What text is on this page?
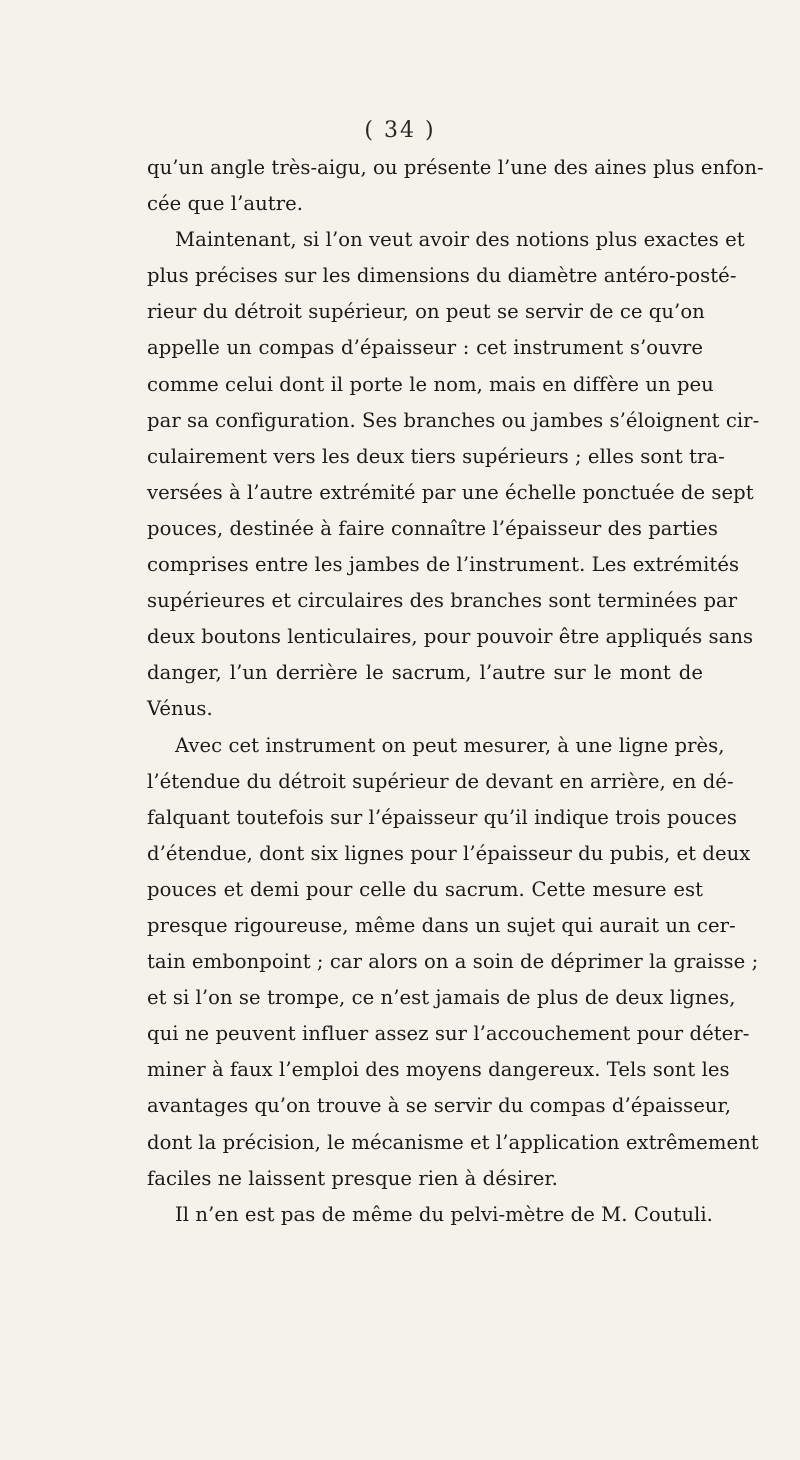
( 34 )
qu’un angle très-aigu, ou présente l’une des aines plus enfon-
cée que l’autre.
Maintenant, si l’on veut avoir des notions plus exactes et
plus précises sur les dimensions du diamètre antéro-posté-
rieur du détroit supérieur, on peut se servir de ce qu’on
appelle un compas d’épaisseur : cet instrument s’ouvre
comme celui dont il porte le nom, mais en diffère un peu
par sa configuration. Ses branches ou jambes s’éloignent cir-
culairement vers les deux tiers supérieurs ; elles sont tra-
versées à l’autre extrémité par une échelle ponctuée de sept
pouces, destinée à faire connaître l’épaisseur des parties
comprises entre les jambes de l’instrument. Les extrémités
supérieures et circulaires des branches sont terminées par
deux boutons lenticulaires, pour pouvoir être appliqués sans
danger, l’un derrière le sacrum, l’autre sur le mont de
Vénus.
Avec cet instrument on peut mesurer, à une ligne près,
l’étendue du détroit supérieur de devant en arrière, en dé-
falquant toutefois sur l’épaisseur qu’il indique trois pouces
d’étendue, dont six lignes pour l’épaisseur du pubis, et deux
pouces et demi pour celle du sacrum. Cette mesure est
presque rigoureuse, même dans un sujet qui aurait un cer-
tain embonpoint ; car alors on a soin de déprimer la graisse ;
et si l’on se trompe, ce n’est jamais de plus de deux lignes,
qui ne peuvent influer assez sur l’accouchement pour déter-
miner à faux l’emploi des moyens dangereux. Tels sont les
avantages qu’on trouve à se servir du compas d’épaisseur,
dont la précision, le mécanisme et l’application extrêmement
faciles ne laissent presque rien à désirer.
Il n’en est pas de même du pelvi-mètre de M. Coutuli.
